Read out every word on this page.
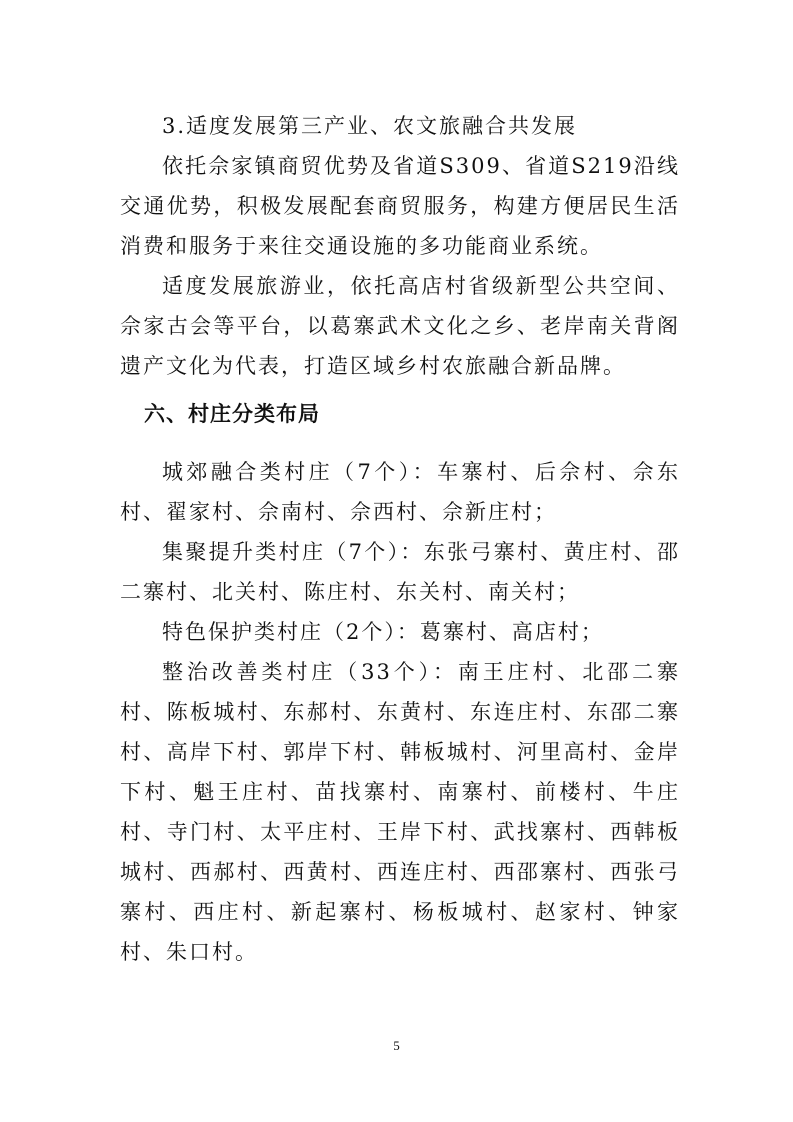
3.适度发展第三产业、农文旅融合共发展

依托佘家镇商贸优势及省道S309、省道S219沿线交通优势，积极发展配套商贸服务，构建方便居民生活消费和服务于来往交通设施的多功能商业系统。

适度发展旅游业，依托高店村省级新型公共空间、佘家古会等平台，以葛寨武术文化之乡、老岸南关背阁遗产文化为代表，打造区域乡村农旅融合新品牌。

六、村庄分类布局

城郊融合类村庄（7个）：车寨村、后佘村、佘东村、翟家村、佘南村、佘西村、佘新庄村；

集聚提升类村庄（7个）：东张弓寨村、黄庄村、邵二寨村、北关村、陈庄村、东关村、南关村；

特色保护类村庄（2个）：葛寨村、高店村；

整治改善类村庄（33个）：南王庄村、北邵二寨村、陈板城村、东郝村、东黄村、东连庄村、东邵二寨村、高岸下村、郭岸下村、韩板城村、河里高村、金岸下村、魁王庄村、苗找寨村、南寨村、前楼村、牛庄村、寺门村、太平庄村、王岸下村、武找寨村、西韩板城村、西郝村、西黄村、西连庄村、西邵寨村、西张弓寨村、西庄村、新起寨村、杨板城村、赵家村、钟家村、朱口村。

5
